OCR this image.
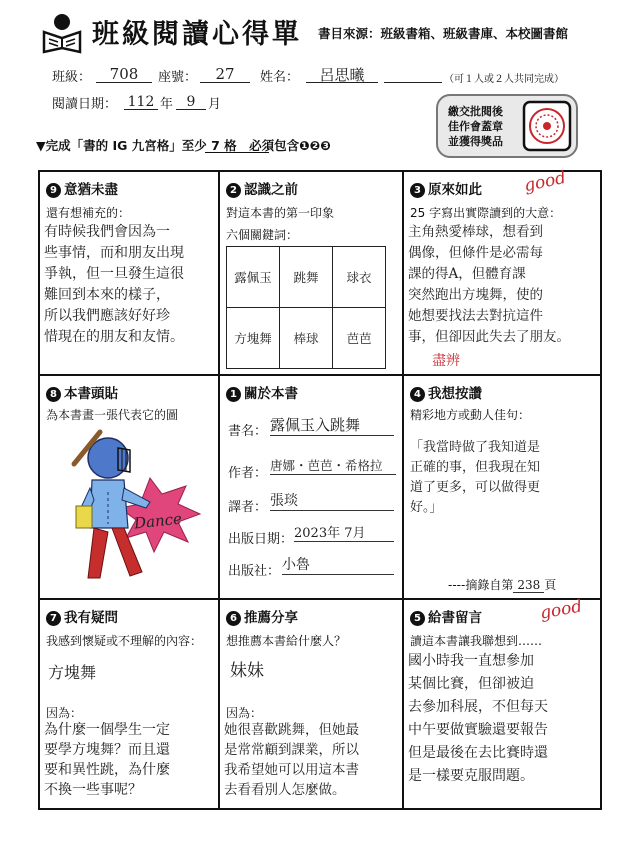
班級閱讀心得單 書目來源：班級書箱、班級書庫、本校圖書館
班級：	708	座號：	27	姓名：	呂思曦	（可１人或２人共同完成）
閱讀日期： 112 年 9 月	繳交批閱後
佳作會蓋章
並獲得獎品
▼完成「書的 IG 九宮格」至少 7 格　必須包含❶❷❸
9 意猶未盡
還有想補充的：
有時候我們會因為一
些事情，而和朋友出現
爭執，但一旦發生這很
難回到本來的樣子，
所以我們應該好好珍
惜現在的朋友和友情。
2 認識之前
對這本書的第一印象
六個關鍵詞：
露佩玉	跳舞	球衣
方塊舞	棒球	芭芭
3 原來如此 good
25 字寫出實際讀到的大意：
主角熱愛棒球，想看到
偶像，但條件是必需每
課的得A，但體育課
突然跑出方塊舞，使的
她想要找法去對抗這件
事，但卻因此失去了朋友。
盡辨
8 本書頭貼
為本書畫一張代表它的圖
Dance
1 關於本書
書名： 露佩玉入跳舞
作者：
唐娜・芭芭・希格拉
譯者： 張琰
出版日期： 2023年 7月
出版社： 小魯
4 我想按讚
精彩地方或動人佳句：
「我當時做了我知道是
正確的事，但我現在知
道了更多，可以做得更
好。」
----摘錄自第 238 頁
7 我有疑問
我感到懷疑或不理解的內容：
方塊舞
因為：
為什麼一個學生一定
要學方塊舞？而且還
要和異性跳，為什麼
不換一些事呢？
6 推薦分享
想推薦本書給什麼人？
妹妹
因為：
她很喜歡跳舞，但她最
是常常顧到課業，所以
我希望她可以用這本書
去看看別人怎麼做。
5 給書留言	good
讀這本書讓我聯想到……
國小時我一直想參加
某個比賽，但卻被迫
去參加科展，不但每天
中午要做實驗還要報告
但是最後在去比賽時還
是一樣要克服問題。
